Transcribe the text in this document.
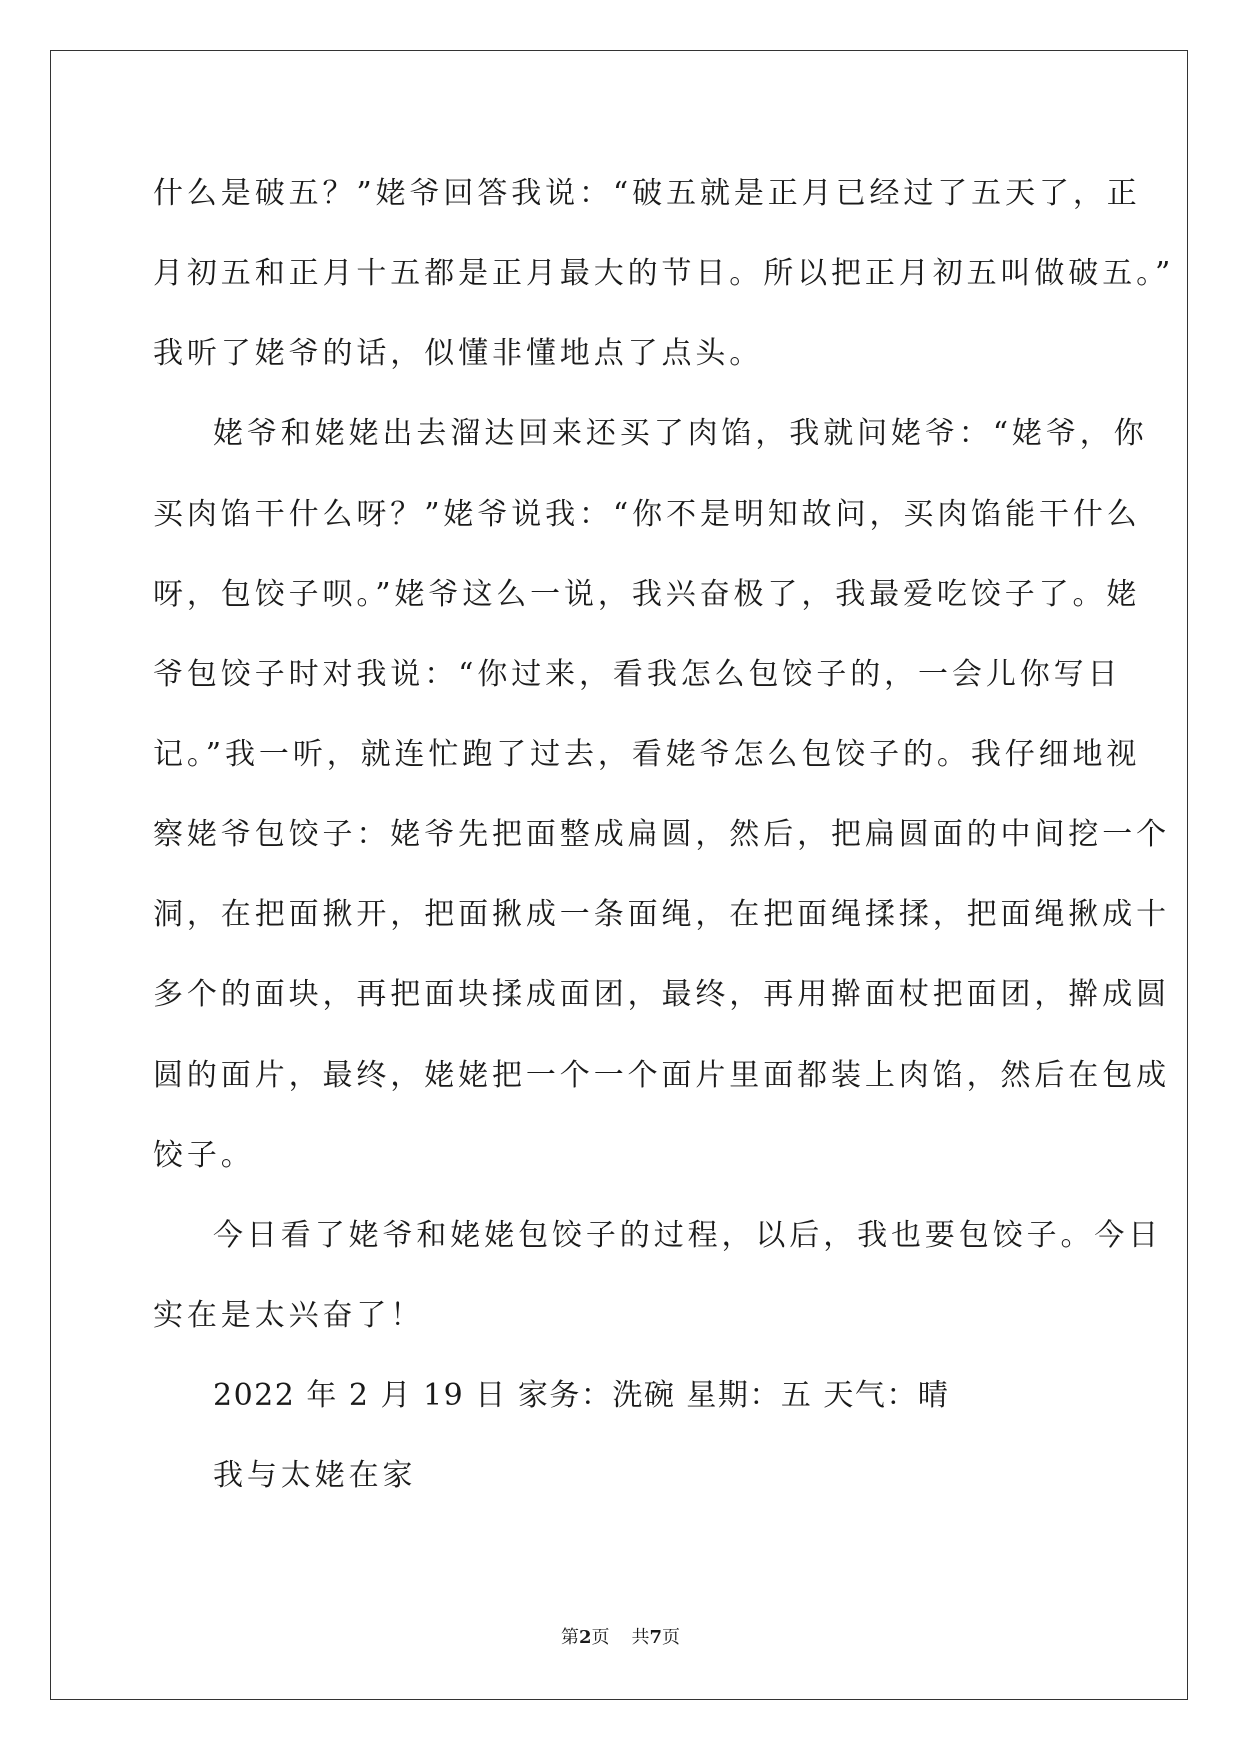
什么是破五？”姥爷回答我说：“破五就是正月已经过了五天了，正

月初五和正月十五都是正月最大的节日。所以把正月初五叫做破五。”

我听了姥爷的话，似懂非懂地点了点头。

姥爷和姥姥出去溜达回来还买了肉馅，我就问姥爷：“姥爷，你

买肉馅干什么呀？”姥爷说我：“你不是明知故问，买肉馅能干什么

呀，包饺子呗。”姥爷这么一说，我兴奋极了，我最爱吃饺子了。姥

爷包饺子时对我说：“你过来，看我怎么包饺子的，一会儿你写日

记。”我一听，就连忙跑了过去，看姥爷怎么包饺子的。我仔细地视

察姥爷包饺子：姥爷先把面整成扁圆，然后，把扁圆面的中间挖一个

洞，在把面揪开，把面揪成一条面绳，在把面绳揉揉，把面绳揪成十

多个的面块，再把面块揉成面团，最终，再用擀面杖把面团，擀成圆

圆的面片，最终，姥姥把一个一个面片里面都装上肉馅，然后在包成

饺子。

今日看了姥爷和姥姥包饺子的过程，以后，我也要包饺子。今日

实在是太兴奋了！

2022 年 2 月 19 日 家务：洗碗 星期：五 天气：晴

我与太姥在家

第2页 共7页
